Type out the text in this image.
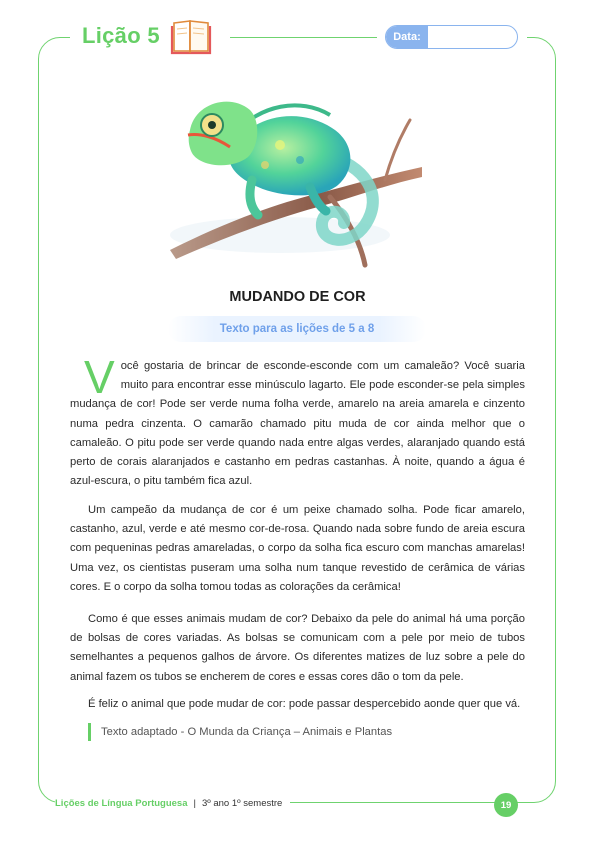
Lição 5	Data:
MUDANDO DE COR
Texto para as lições de 5 a 8

Você gostaria de brincar de esconde-esconde com um camaleão? Você suaria muito para encontrar esse minúsculo lagarto. Ele pode esconder-se pela simples mudança de cor! Pode ser verde numa folha verde, amarelo na areia amarela e cinzento numa pedra cinzenta. O camarão chamado pitu muda de cor ainda melhor que o camaleão. O pitu pode ser verde quando nada entre algas verdes, alaranjado quando está perto de corais alaranjados e castanho em pedras castanhas. À noite, quando a água é azul-escura, o pitu também fica azul.

Um campeão da mudança de cor é um peixe chamado solha. Pode ficar amarelo, castanho, azul, verde e até mesmo cor-de-rosa. Quando nada sobre fundo de areia escura com pequeninas pedras amareladas, o corpo da solha fica escuro com manchas amarelas! Uma vez, os cientistas puseram uma solha num tanque revestido de cerâmica de várias cores. E o corpo da solha tomou todas as colorações da cerâmica!

Como é que esses animais mudam de cor? Debaixo da pele do animal há uma porção de bolsas de cores variadas. As bolsas se comunicam com a pele por meio de tubos semelhantes a pequenos galhos de árvore. Os diferentes matizes de luz sobre a pele do animal fazem os tubos se encherem de cores e essas cores dão o tom da pele.

É feliz o animal que pode mudar de cor: pode passar despercebido aonde quer que vá.

Texto adaptado - O Munda da Criança – Animais e Plantas
Lições de Língua Portuguesa | 3º ano 1º semestre	19
